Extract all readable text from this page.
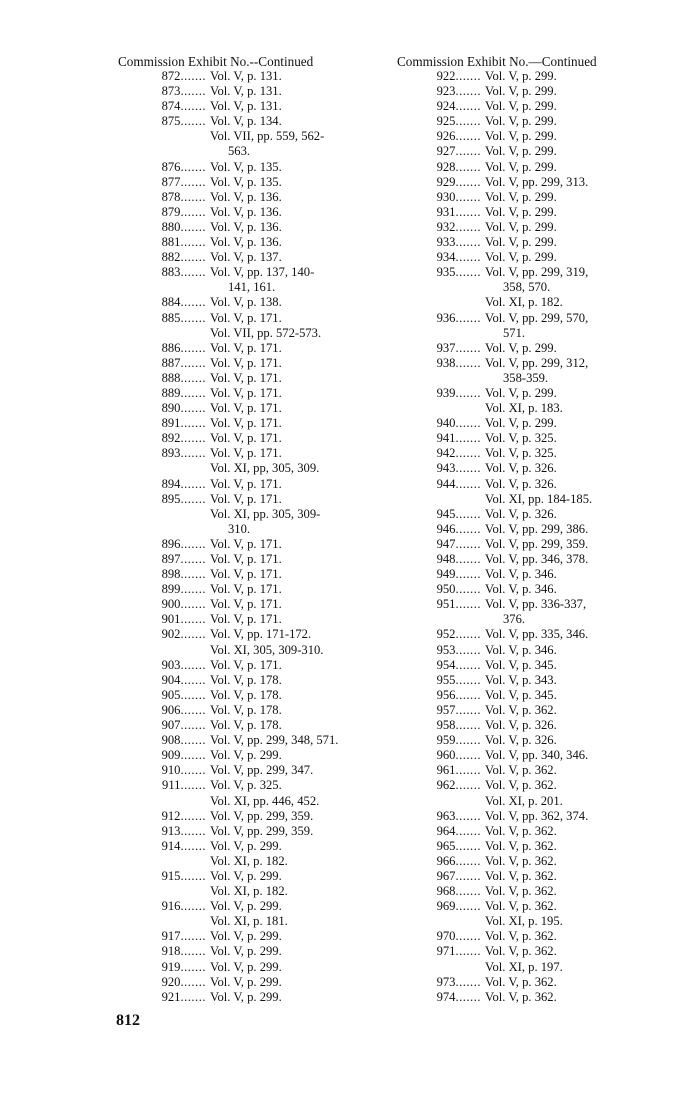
Commission Exhibit No.--Continued
872....... Vol. V, p. 131.
873....... Vol. V, p. 131.
874....... Vol. V, p. 131.
875....... Vol. V, p. 134.
Vol. VII, pp. 559, 562-
563.
876....... Vol. V, p. 135.
877....... Vol. V, p. 135.
878....... Vol. V, p. 136.
879....... Vol. V, p. 136.
880....... Vol. V, p. 136.
881....... Vol. V, p. 136.
882....... Vol. V, p. 137.
883....... Vol. V, pp. 137, 140-
141, 161.
884....... Vol. V, p. 138.
885....... Vol. V, p. 171.
Vol. VII, pp. 572-573.
886....... Vol. V, p. 171.
887....... Vol. V, p. 171.
888....... Vol. V, p. 171.
889....... Vol. V, p. 171.
890....... Vol. V, p. 171.
891....... Vol. V, p. 171.
892....... Vol. V, p. 171.
893....... Vol. V, p. 171.
Vol. XI, pp, 305, 309.
894....... Vol. V, p. 171.
895....... Vol. V, p. 171.
Vol. XI, pp. 305, 309-
310.
896....... Vol. V, p. 171.
897....... Vol. V, p. 171.
898....... Vol. V, p. 171.
899....... Vol. V, p. 171.
900....... Vol. V, p. 171.
901....... Vol. V, p. 171.
902....... Vol. V, pp. 171-172.
Vol. XI, 305, 309-310.
903....... Vol. V, p. 171.
904....... Vol. V, p. 178.
905....... Vol. V, p. 178.
906....... Vol. V, p. 178.
907....... Vol. V, p. 178.
908....... Vol. V, pp. 299, 348, 571.
909....... Vol. V, p. 299.
910....... Vol. V, pp. 299, 347.
911....... Vol. V, p. 325.
Vol. XI, pp. 446, 452.
912....... Vol. V, pp. 299, 359.
913....... Vol. V, pp. 299, 359.
914....... Vol. V, p. 299.
Vol. XI, p. 182.
915....... Vol. V, p. 299.
Vol. XI, p. 182.
916....... Vol. V, p. 299.
Vol. XI, p. 181.
917....... Vol. V, p. 299.
918....... Vol. V, p. 299.
919....... Vol. V, p. 299.
920....... Vol. V, p. 299.
921....... Vol. V, p. 299.
Commission Exhibit No.—Continued
922....... Vol. V, p. 299.
923....... Vol. V, p. 299.
924....... Vol. V, p. 299.
925....... Vol. V, p. 299.
926....... Vol. V, p. 299.
927....... Vol. V, p. 299.
928....... Vol. V, p. 299.
929....... Vol. V, pp. 299, 313.
930....... Vol. V, p. 299.
931....... Vol. V, p. 299.
932....... Vol. V, p. 299.
933....... Vol. V, p. 299.
934....... Vol. V, p. 299.
935....... Vol. V, pp. 299, 319,
358, 570.
Vol. XI, p. 182.
936....... Vol. V, pp. 299, 570,
571.
937....... Vol. V, p. 299.
938....... Vol. V, pp. 299, 312,
358-359.
939....... Vol. V, p. 299.
Vol. XI, p. 183.
940....... Vol. V, p. 299.
941....... Vol. V, p. 325.
942....... Vol. V, p. 325.
943....... Vol. V, p. 326.
944....... Vol. V, p. 326.
Vol. XI, pp. 184-185.
945....... Vol. V, p. 326.
946....... Vol. V, pp. 299, 386.
947....... Vol. V, pp. 299, 359.
948....... Vol. V, pp. 346, 378.
949....... Vol. V, p. 346.
950....... Vol. V, p. 346.
951....... Vol. V, pp. 336-337,
376.
952....... Vol. V, pp. 335, 346.
953....... Vol. V, p. 346.
954....... Vol. V, p. 345.
955....... Vol. V, p. 343.
956....... Vol. V, p. 345.
957....... Vol. V, p. 362.
958....... Vol. V, p. 326.
959....... Vol. V, p. 326.
960....... Vol. V, pp. 340, 346.
961....... Vol. V, p. 362.
962....... Vol. V, p. 362.
Vol. XI, p. 201.
963....... Vol. V, pp. 362, 374.
964....... Vol. V, p. 362.
965....... Vol. V, p. 362.
966....... Vol. V, p. 362.
967....... Vol. V, p. 362.
968....... Vol. V, p. 362.
969....... Vol. V, p. 362.
Vol. XI, p. 195.
970....... Vol. V, p. 362.
971....... Vol. V, p. 362.
Vol. XI, p. 197.
973....... Vol. V, p. 362.
974....... Vol. V, p. 362.
812
